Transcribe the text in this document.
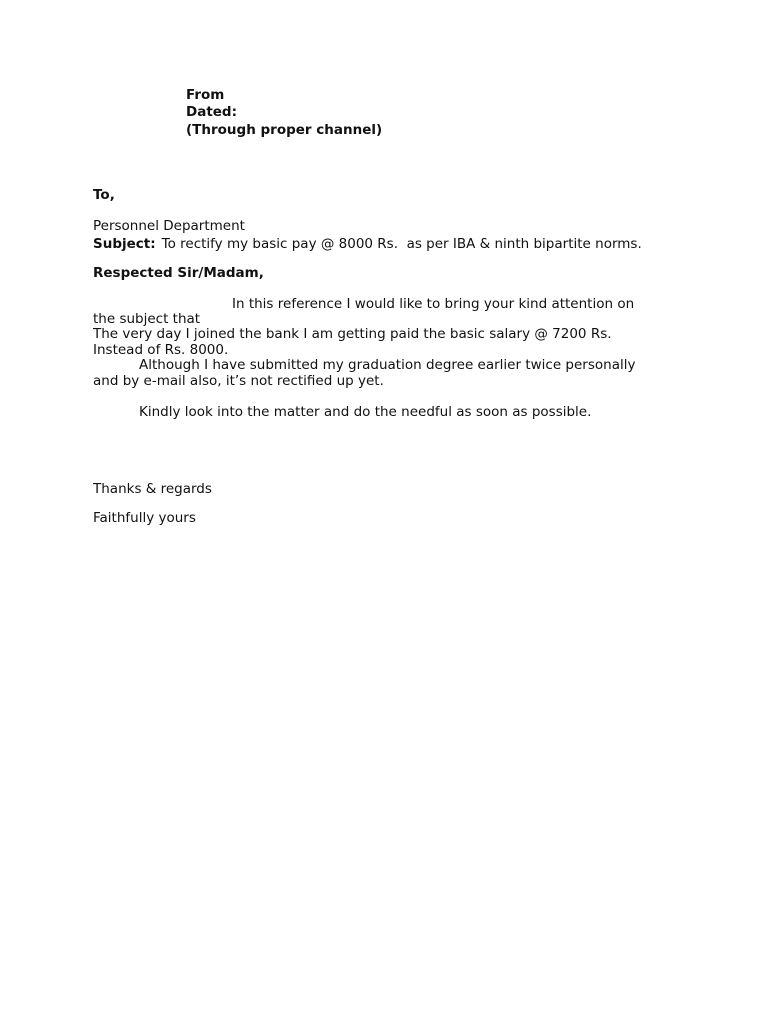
From
Dated:
(Through proper channel)
To,
Personnel Department
Subject: To rectify my basic pay @ 8000 Rs.  as per IBA & ninth bipartite norms.
Respected Sir/Madam,
In this reference I would like to bring your kind attention on
the subject that
The very day I joined the bank I am getting paid the basic salary @ 7200 Rs.
Instead of Rs. 8000.
Although I have submitted my graduation degree earlier twice personally
and by e-mail also, it’s not rectified up yet.
Kindly look into the matter and do the needful as soon as possible.
Thanks & regards
Faithfully yours
